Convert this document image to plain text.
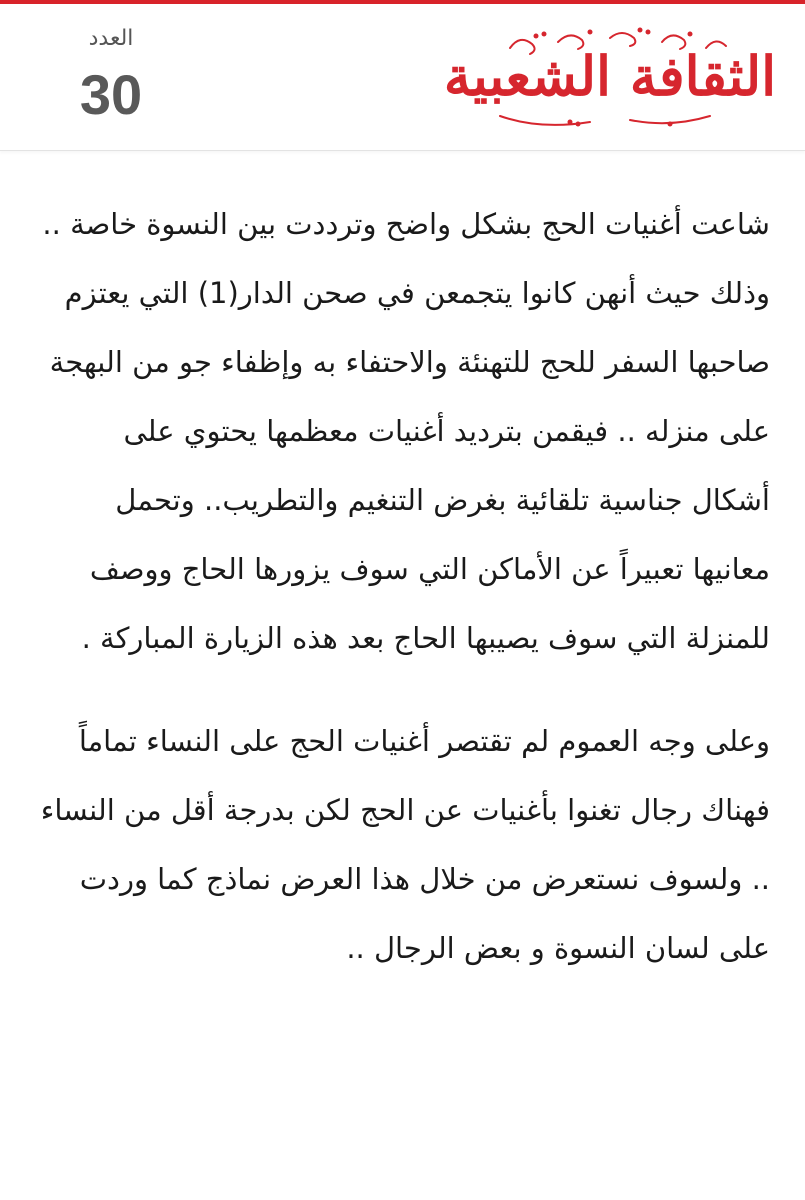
العدد
30	الثقافة الشعبية

شاعت أغنيات الحج بشكل واضح وترددت بين النسوة خاصة .. وذلك حيث أنهن كانوا يتجمعن في صحن الدار(1) التي يعتزم صاحبها السفر للحج للتهنئة والاحتفاء به وإظفاء جو من البهجة على منزله .. فيقمن بترديد أغنيات معظمها يحتوي على أشكال جناسية تلقائية بغرض التنغيم والتطريب.. وتحمل معانيها تعبيراً عن الأماكن التي سوف يزورها الحاج ووصف للمنزلة التي سوف يصيبها الحاج بعد هذه الزيارة المباركة .

وعلى وجه العموم لم تقتصر أغنيات الحج على النساء تماماً فهناك رجال تغنوا بأغنيات عن الحج لكن بدرجة أقل من النساء .. ولسوف نستعرض من خلال هذا العرض نماذج كما وردت على لسان النسوة و بعض الرجال ..
